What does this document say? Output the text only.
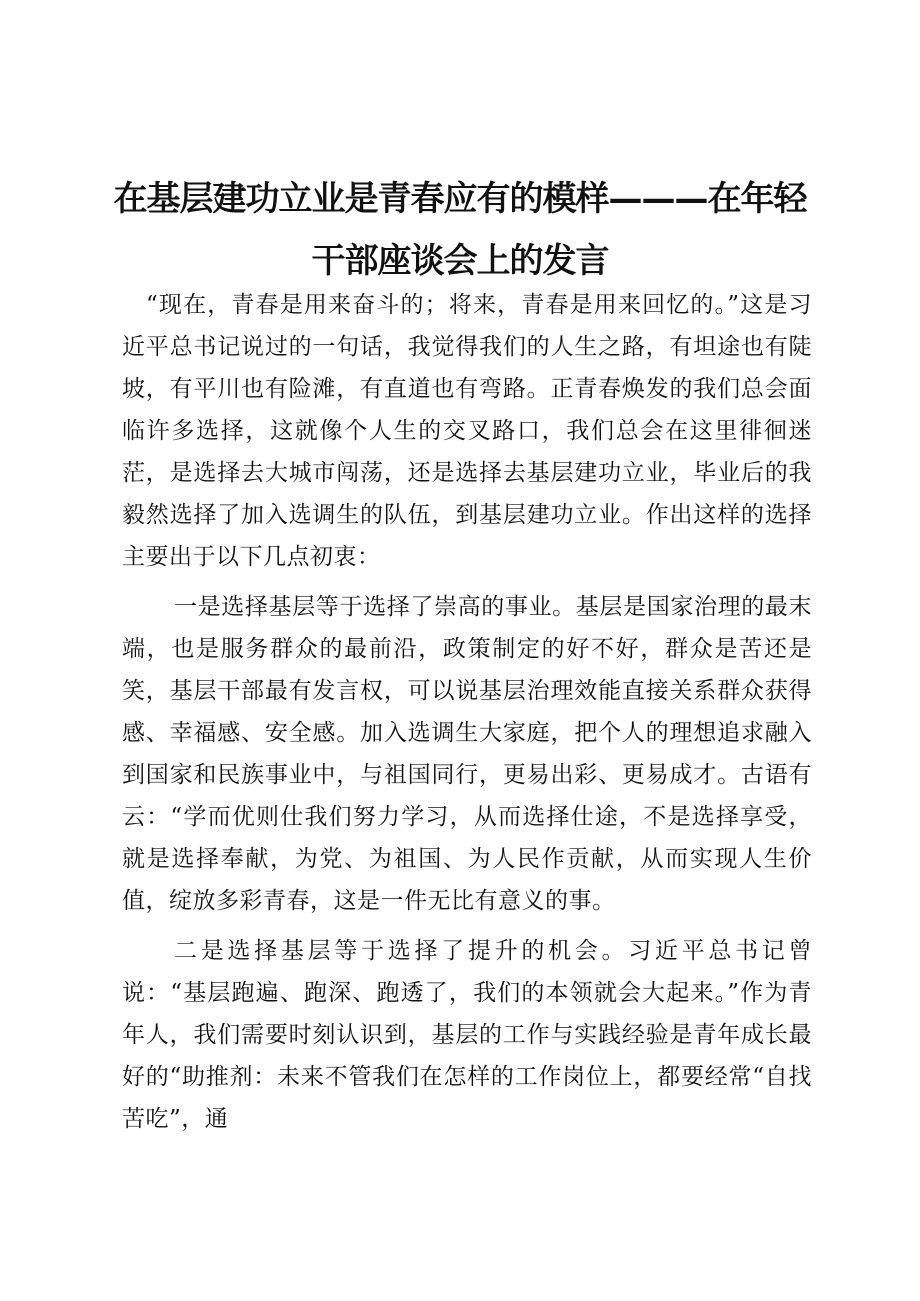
在基层建功立业是青春应有的模样———在年轻干部座谈会上的发言

“现在，青春是用来奋斗的；将来，青春是用来回忆的。”这是习近平总书记说过的一句话，我觉得我们的人生之路，有坦途也有陡坡，有平川也有险滩，有直道也有弯路。正青春焕发的我们总会面临许多选择，这就像个人生的交叉路口，我们总会在这里徘徊迷茫，是选择去大城市闯荡，还是选择去基层建功立业，毕业后的我毅然选择了加入选调生的队伍，到基层建功立业。作出这样的选择主要出于以下几点初衷：

一是选择基层等于选择了崇高的事业。基层是国家治理的最末端，也是服务群众的最前沿，政策制定的好不好，群众是苦还是笑，基层干部最有发言权，可以说基层治理效能直接关系群众获得感、幸福感、安全感。加入选调生大家庭，把个人的理想追求融入到国家和民族事业中，与祖国同行，更易出彩、更易成才。古语有云：“学而优则仕我们努力学习，从而选择仕途，不是选择享受，就是选择奉献，为党、为祖国、为人民作贡献，从而实现人生价值，绽放多彩青春，这是一件无比有意义的事。

二是选择基层等于选择了提升的机会。习近平总书记曾说：“基层跑遍、跑深、跑透了，我们的本领就会大起来。”作为青年人，我们需要时刻认识到，基层的工作与实践经验是青年成长最好的“助推剂：未来不管我们在怎样的工作岗位上，都要经常“自找苦吃”，通
